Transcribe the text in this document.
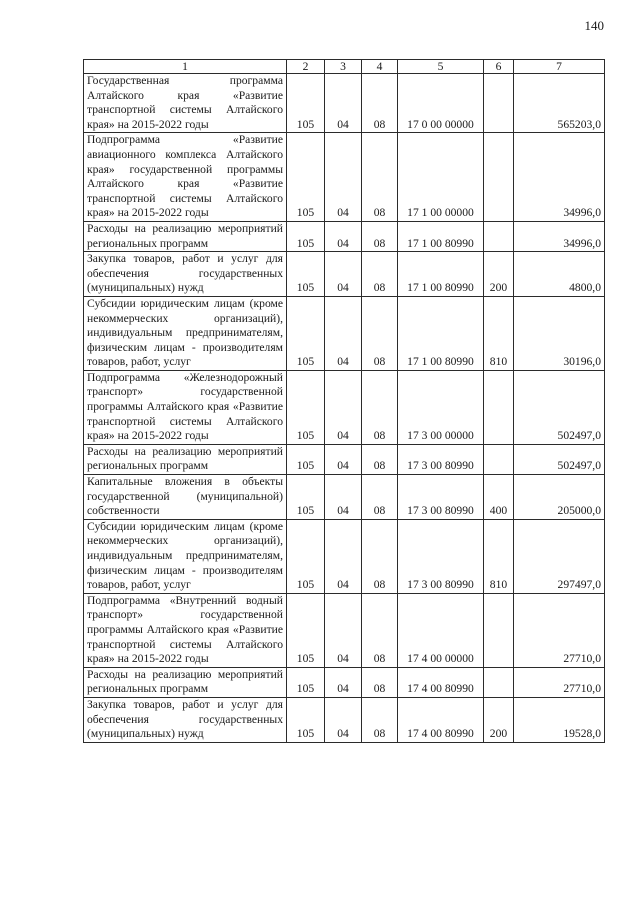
140
1	2	3	4	5	6	7
Государственная программа Алтайского края «Развитие транспортной системы Алтайского края» на 2015-2022 годы	105	04	08	17 0 00 00000		565203,0
Подпрограмма «Развитие авиационного комплекса Алтайского края» государственной программы Алтайского края «Развитие транспортной системы Алтайского края» на 2015-2022 годы	105	04	08	17 1 00 00000		34996,0
Расходы на реализацию мероприятий региональных программ	105	04	08	17 1 00 80990		34996,0
Закупка товаров, работ и услуг для обеспечения государственных (муниципальных) нужд	105	04	08	17 1 00 80990	200	4800,0
Субсидии юридическим лицам (кроме некоммерческих организаций), индивидуальным предпринимателям, физическим лицам - производителям товаров, работ, услуг	105	04	08	17 1 00 80990	810	30196,0
Подпрограмма «Железнодорожный транспорт» государственной программы Алтайского края «Развитие транспортной системы Алтайского края» на 2015-2022 годы	105	04	08	17 3 00 00000		502497,0
Расходы на реализацию мероприятий региональных программ	105	04	08	17 3 00 80990		502497,0
Капитальные вложения в объекты государственной (муниципальной) собственности	105	04	08	17 3 00 80990	400	205000,0
Субсидии юридическим лицам (кроме некоммерческих организаций), индивидуальным предпринимателям, физическим лицам - производителям товаров, работ, услуг	105	04	08	17 3 00 80990	810	297497,0
Подпрограмма «Внутренний водный транспорт» государственной программы Алтайского края «Развитие транспортной системы Алтайского края» на 2015-2022 годы	105	04	08	17 4 00 00000		27710,0
Расходы на реализацию мероприятий региональных программ	105	04	08	17 4 00 80990		27710,0
Закупка товаров, работ и услуг для обеспечения государственных (муниципальных) нужд	105	04	08	17 4 00 80990	200	19528,0
